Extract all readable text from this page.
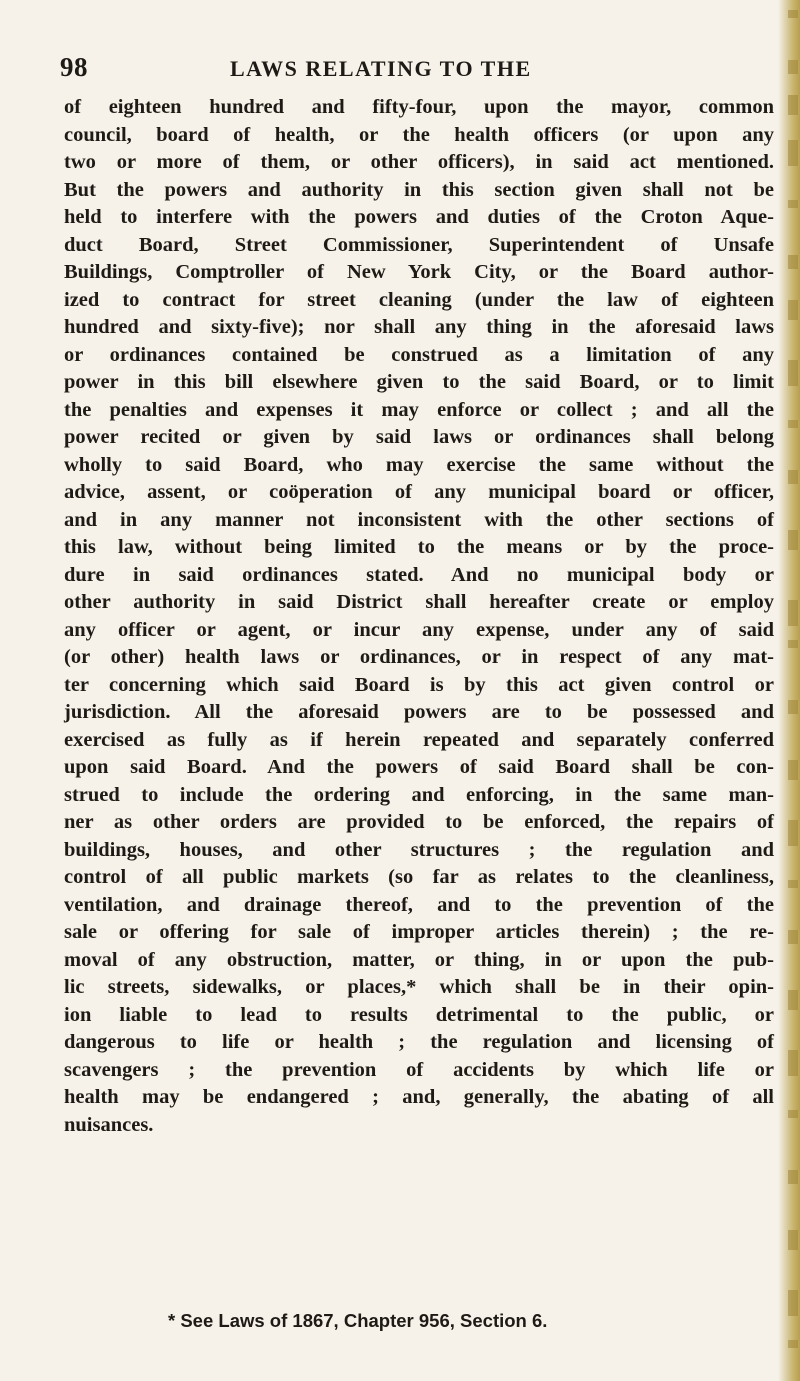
98	LAWS RELATING TO THE
of eighteen hundred and fifty-four, upon the mayor, common
council, board of health, or the health officers (or upon any
two or more of them, or other officers), in said act mentioned.
But the powers and authority in this section given shall not be
held to interfere with the powers and duties of the Croton Aque-
duct Board, Street Commissioner, Superintendent of Unsafe
Buildings, Comptroller of New York City, or the Board author-
ized to contract for street cleaning (under the law of eighteen
hundred and sixty-five); nor shall any thing in the aforesaid laws
or ordinances contained be construed as a limitation of any
power in this bill elsewhere given to the said Board, or to limit
the penalties and expenses it may enforce or collect ; and all the
power recited or given by said laws or ordinances shall belong
wholly to said Board, who may exercise the same without the
advice, assent, or coöperation of any municipal board or officer,
and in any manner not inconsistent with the other sections of
this law, without being limited to the means or by the proce-
dure in said ordinances stated. And no municipal body or
other authority in said District shall hereafter create or employ
any officer or agent, or incur any expense, under any of said
(or other) health laws or ordinances, or in respect of any mat-
ter concerning which said Board is by this act given control or
jurisdiction. All the aforesaid powers are to be possessed and
exercised as fully as if herein repeated and separately conferred
upon said Board. And the powers of said Board shall be con-
strued to include the ordering and enforcing, in the same man-
ner as other orders are provided to be enforced, the repairs of
buildings, houses, and other structures ; the regulation and
control of all public markets (so far as relates to the cleanliness,
ventilation, and drainage thereof, and to the prevention of the
sale or offering for sale of improper articles therein) ; the re-
moval of any obstruction, matter, or thing, in or upon the pub-
lic streets, sidewalks, or places,* which shall be in their opin-
ion liable to lead to results detrimental to the public, or
dangerous to life or health ; the regulation and licensing of
scavengers ; the prevention of accidents by which life or
health may be endangered ; and, generally, the abating of all
nuisances.
* See Laws of 1867, Chapter 956, Section 6.
